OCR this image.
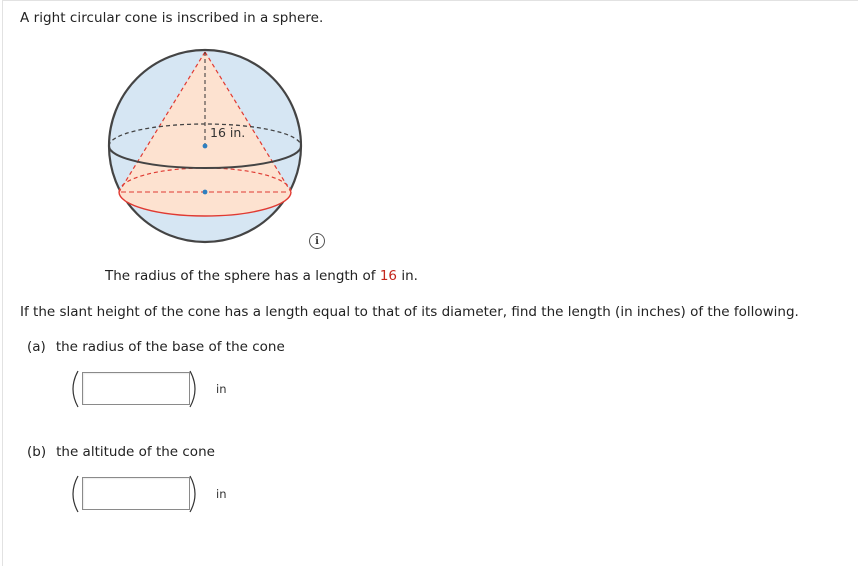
A right circular cone is inscribed in a sphere.
16 in.
i
The radius of the sphere has a length of 16 in.
If the slant height of the cone has a length equal to that of its diameter, find the length (in inches) of the following.
(a) the radius of the base of the cone
in
(b) the altitude of the cone
in
